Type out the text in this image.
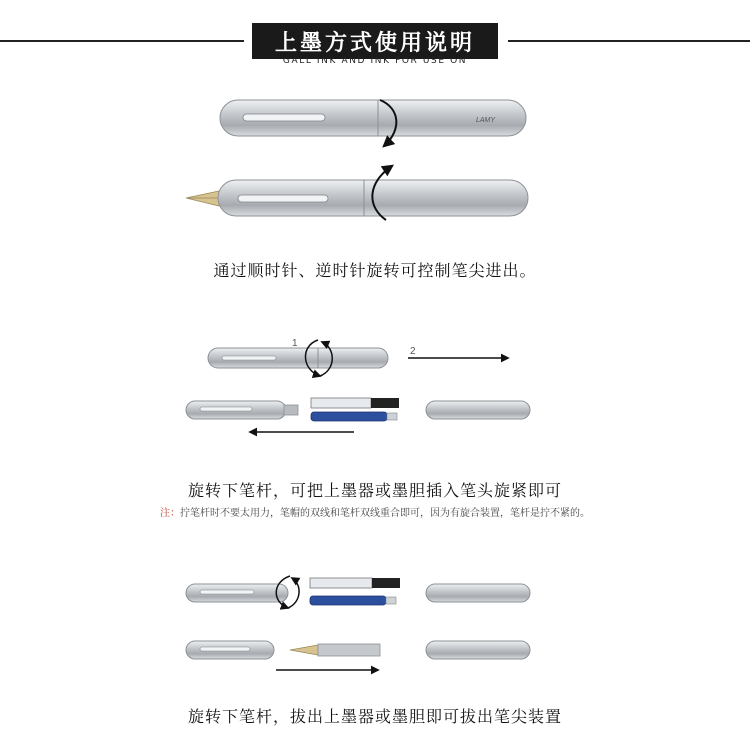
上墨方式使用说明
GALL INK AND INK FOR USE ON
LAMY
1
2
通过顺时针、逆时针旋转可控制笔尖进出。
旋转下笔杆，可把上墨器或墨胆插入笔头旋紧即可
注：拧笔杆时不要太用力，笔帽的双线和笔杆双线重合即可，因为有旋合装置，笔杆是拧不紧的。
旋转下笔杆，拔出上墨器或墨胆即可拔出笔尖装置
